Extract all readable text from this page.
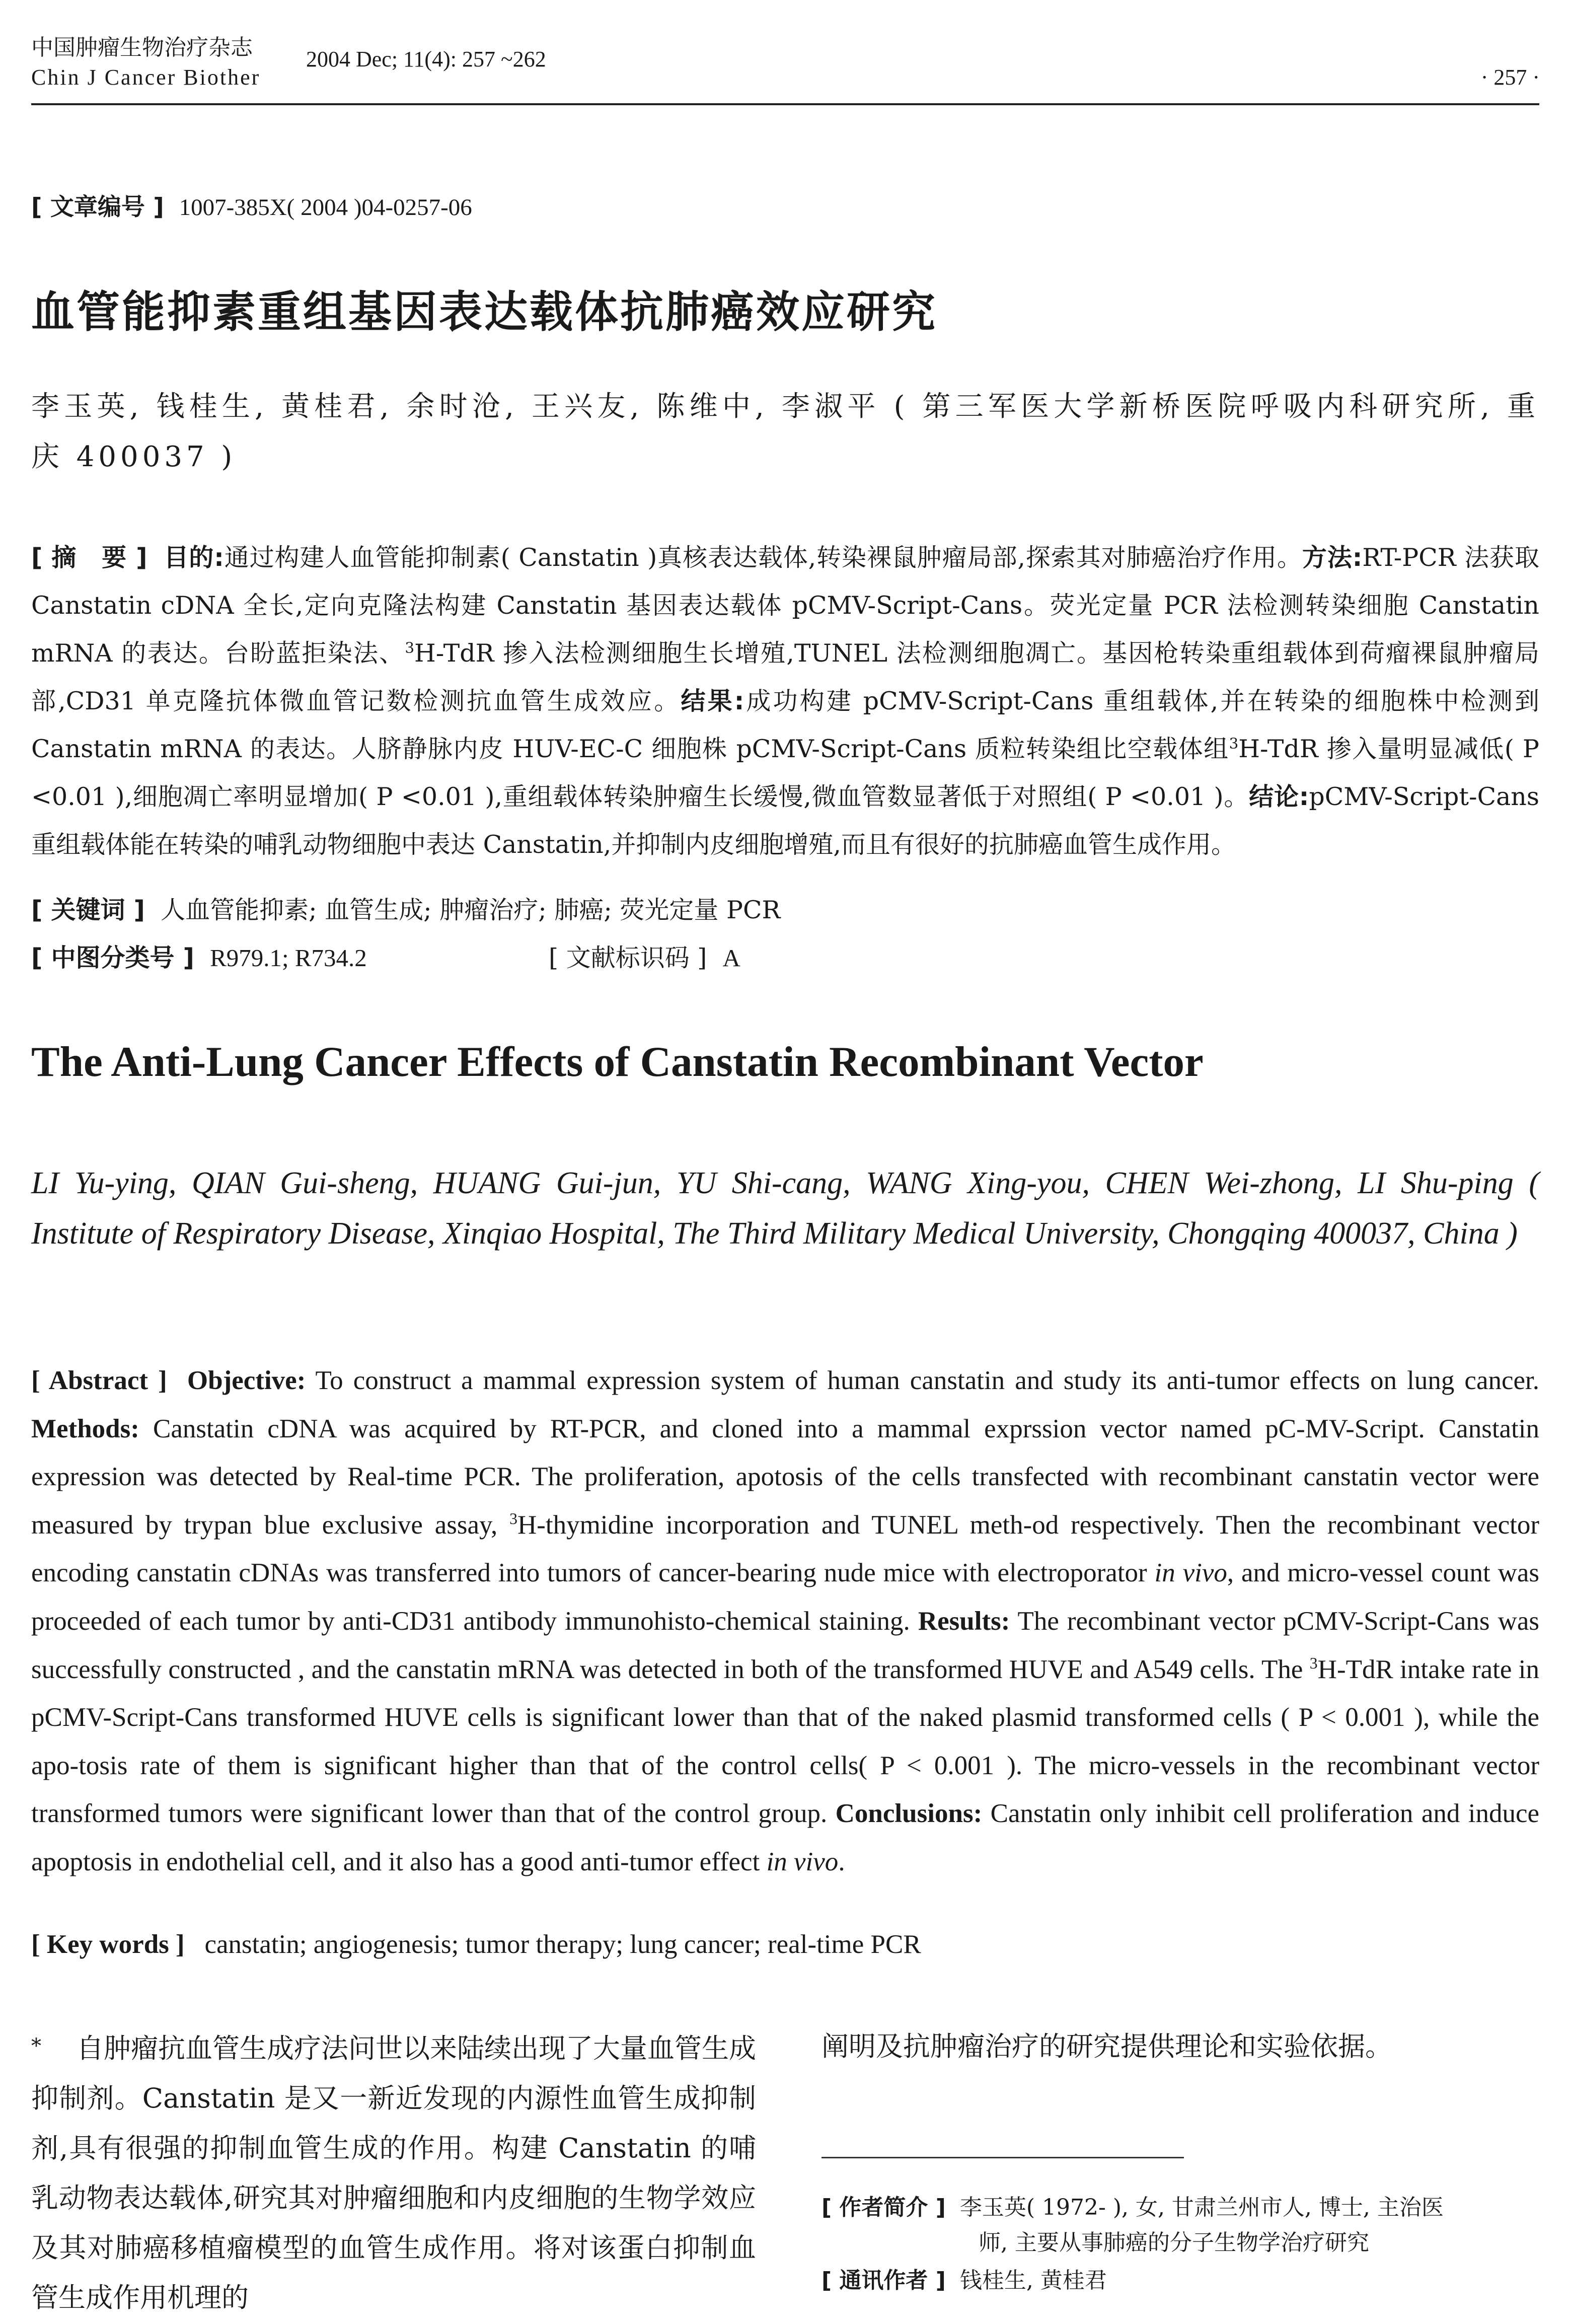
中国肿瘤生物治疗杂志
Chin J Cancer Biother
2004 Dec; 11(4): 257 ~262
· 257 ·
[ 文章编号 ] 1007-385X( 2004 )04-0257-06
血管能抑素重组基因表达载体抗肺癌效应研究
李玉英, 钱桂生, 黄桂君, 余时沧, 王兴友, 陈维中, 李淑平 ( 第三军医大学新桥医院呼吸内科研究所, 重庆 400037 )
[ 摘　要 ] 目的:通过构建人血管能抑制素( Canstatin )真核表达载体,转染裸鼠肿瘤局部,探索其对肺癌治疗作用。方法:RT-PCR 法获取 Canstatin cDNA 全长,定向克隆法构建 Canstatin 基因表达载体 pCMV-Script-Cans。荧光定量 PCR 法检测转染细胞 Canstatin mRNA 的表达。台盼蓝拒染法、$^3$H-TdR 掺入法检测细胞生长增殖,TUNEL 法检测细胞凋亡。基因枪转染重组载体到荷瘤裸鼠肿瘤局部,CD31 单克隆抗体微血管记数检测抗血管生成效应。结果:成功构建 pCMV-Script-Cans 重组载体,并在转染的细胞株中检测到 Canstatin mRNA 的表达。人脐静脉内皮 HUV-EC-C 细胞株 pCMV-Script-Cans 质粒转染组比空载体组$^3$H-TdR 掺入量明显减低( P <0.01 ),细胞凋亡率明显增加( P <0.01 ),重组载体转染肿瘤生长缓慢,微血管数显著低于对照组( P <0.01 )。结论:pCMV-Script-Cans 重组载体能在转染的哺乳动物细胞中表达 Canstatin,并抑制内皮细胞增殖,而且有很好的抗肺癌血管生成作用。
[ 关键词 ] 人血管能抑素; 血管生成; 肿瘤治疗; 肺癌; 荧光定量 PCR
[ 中图分类号 ] R979.1; R734.2	[ 文献标识码 ] A
The Anti-Lung Cancer Effects of Canstatin Recombinant Vector
LI Yu-ying, QIAN Gui-sheng, HUANG Gui-jun, YU Shi-cang, WANG Xing-you, CHEN Wei-zhong, LI Shu-ping ( Institute of Respiratory Disease, Xinqiao Hospital, The Third Military Medical University, Chongqing 400037, China )
[ Abstract ] Objective: To construct a mammal expression system of human canstatin and study its anti-tumor effects on lung cancer. Methods: Canstatin cDNA was acquired by RT-PCR, and cloned into a mammal exprssion vector named pC-MV-Script. Canstatin expression was detected by Real-time PCR. The proliferation, apotosis of the cells transfected with recombinant canstatin vector were measured by trypan blue exclusive assay, $^3$H-thymidine incorporation and TUNEL meth-od respectively. Then the recombinant vector encoding canstatin cDNAs was transferred into tumors of cancer-bearing nude mice with electroporator in vivo, and micro-vessel count was proceeded of each tumor by anti-CD31 antibody immunohisto-chemical staining. Results: The recombinant vector pCMV-Script-Cans was successfully constructed , and the canstatin mRNA was detected in both of the transformed HUVE and A549 cells. The $^3$H-TdR intake rate in pCMV-Script-Cans transformed HUVE cells is significant lower than that of the naked plasmid transformed cells ( P < 0.001 ), while the apo-tosis rate of them is significant higher than that of the control cells( P < 0.001 ). The micro-vessels in the recombinant vector transformed tumors were significant lower than that of the control group. Conclusions: Canstatin only inhibit cell proliferation and induce apoptosis in endothelial cell, and it also has a good anti-tumor effect in vivo.
[ Key words ] canstatin; angiogenesis; tumor therapy; lung cancer; real-time PCR
* 自肿瘤抗血管生成疗法问世以来陆续出现了大量血管生成抑制剂。Canstatin 是又一新近发现的内源性血管生成抑制剂,具有很强的抑制血管生成的作用。构建 Canstatin 的哺乳动物表达载体,研究其对肿瘤细胞和内皮细胞的生物学效应及其对肺癌移植瘤模型的血管生成作用。将对该蛋白抑制血管生成作用机理的
阐明及抗肿瘤治疗的研究提供理论和实验依据。
[ 作者简介 ] 李玉英( 1972- ), 女, 甘肃兰州市人, 博士, 主治医
师, 主要从事肺癌的分子生物学治疗研究
[ 通讯作者 ] 钱桂生, 黄桂君
